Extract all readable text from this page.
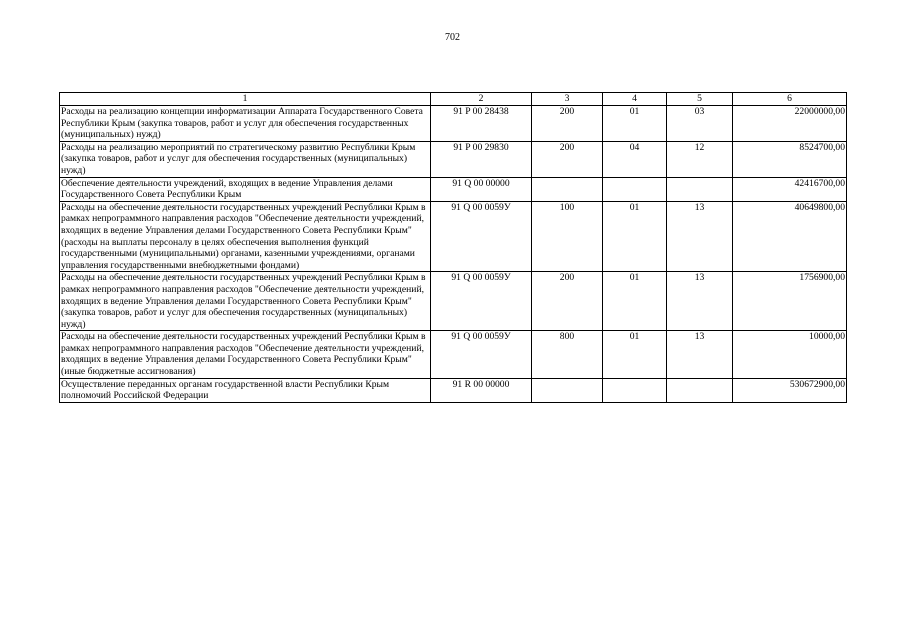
702
1	2	3	4	5	6
Расходы на реализацию концепции информатизации Аппарата Государственного Совета Республики Крым (закупка товаров, работ и услуг для обеспечения государственных (муниципальных) нужд)	91 P 00 28438	200	01	03	22000000,00
Расходы на реализацию мероприятий по стратегическому развитию Республики Крым (закупка товаров, работ и услуг для обеспечения государственных (муниципальных) нужд)	91 P 00 29830	200	04	12	8524700,00
Обеспечение деятельности учреждений, входящих в ведение Управления делами Государственного Совета Республики Крым	91 Q 00 00000				42416700,00
Расходы на обеспечение деятельности государственных учреждений Республики Крым в рамках непрограммного направления расходов "Обеспечение деятельности учреждений, входящих в ведение Управления делами Государственного Совета Республики Крым" (расходы на выплаты персоналу в целях обеспечения выполнения функций государственными (муниципальными) органами, казенными учреждениями, органами управления государственными внебюджетными фондами)	91 Q 00 0059У	100	01	13	40649800,00
Расходы на обеспечение деятельности государственных учреждений Республики Крым в рамках непрограммного направления расходов "Обеспечение деятельности учреждений, входящих в ведение Управления делами Государственного Совета Республики Крым" (закупка товаров, работ и услуг для обеспечения государственных (муниципальных) нужд)	91 Q 00 0059У	200	01	13	1756900,00
Расходы на обеспечение деятельности государственных учреждений Республики Крым в рамках непрограммного направления расходов "Обеспечение деятельности учреждений, входящих в ведение Управления делами Государственного Совета Республики Крым" (иные бюджетные ассигнования)	91 Q 00 0059У	800	01	13	10000,00
Осуществление переданных органам государственной власти Республики Крым полномочий Российской Федерации	91 R 00 00000				530672900,00
